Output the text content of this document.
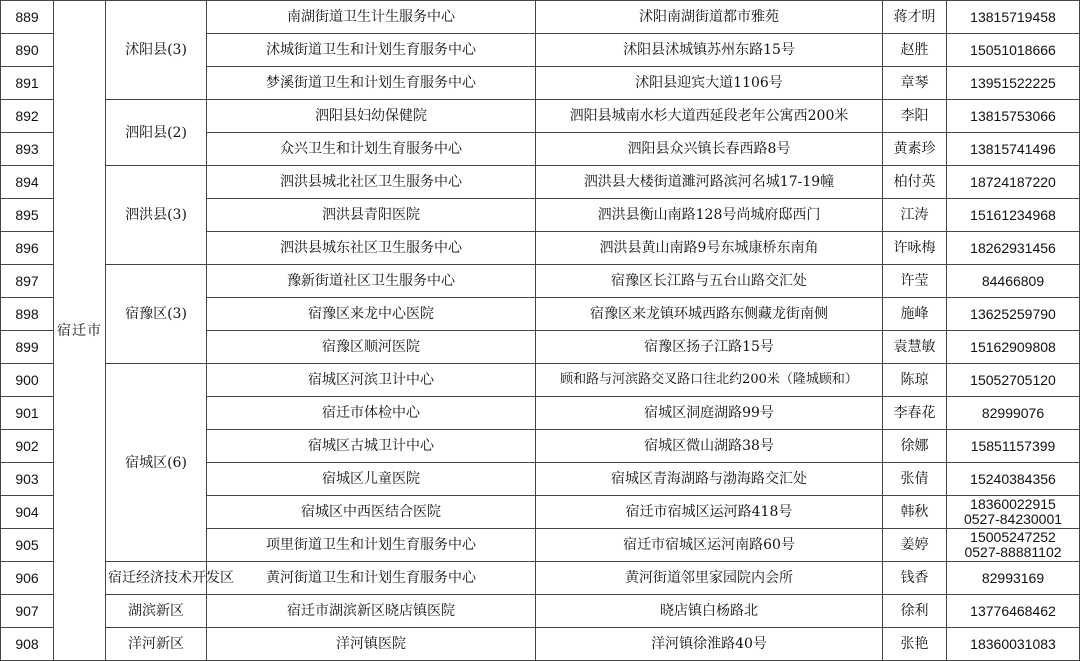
889	宿迁市	沭阳县(3)	南湖街道卫生计生服务中心	沭阳南湖街道都市雅苑	蒋才明	13815719458
890			沭城街道卫生和计划生育服务中心	沭阳县沭城镇苏州东路15号	赵胜	15051018666
891			梦溪街道卫生和计划生育服务中心	沭阳县迎宾大道1106号	章琴	13951522225
892		泗阳县(2)	泗阳县妇幼保健院	泗阳县城南水杉大道西延段老年公寓西200米	李阳	13815753066
893			众兴卫生和计划生育服务中心	泗阳县众兴镇长春西路8号	黄素珍	13815741496
894		泗洪县(3)	泗洪县城北社区卫生服务中心	泗洪县大楼街道濉河路滨河名城17-19幢	柏付英	18724187220
895			泗洪县青阳医院	泗洪县衡山南路128号尚城府邸西门	江涛	15161234968
896			泗洪县城东社区卫生服务中心	泗洪县黄山南路9号东城康桥东南角	许咏梅	18262931456
897		宿豫区(3)	豫新街道社区卫生服务中心	宿豫区长江路与五台山路交汇处	许莹	84466809
898			宿豫区来龙中心医院	宿豫区来龙镇环城西路东侧藏龙街南侧	施峰	13625259790
899			宿豫区顺河医院	宿豫区扬子江路15号	袁慧敏	15162909808
900		宿城区(6)	宿城区河滨卫计中心	顾和路与河滨路交叉路口往北约200米（隆城顾和）	陈琼	15052705120
901			宿迁市体检中心	宿城区洞庭湖路99号	李春花	82999076
902			宿城区古城卫计中心	宿城区微山湖路38号	徐娜	15851157399
903			宿城区儿童医院	宿城区青海湖路与渤海路交汇处	张倩	15240384356
904			宿城区中西医结合医院	宿迁市宿城区运河路418号	韩秋	18360022915
0527-84230001

905			项里街道卫生和计划生育服务中心	宿迁市宿城区运河南路60号	姜婷	15005247252
0527-88881102

906		宿迁经济技术开发区	黄河街道卫生和计划生育服务中心	黄河街道邻里家园院内会所	钱香	82993169
907		湖滨新区	宿迁市湖滨新区晓店镇医院	晓店镇白杨路北	徐利	13776468462
908		洋河新区	洋河镇医院	洋河镇徐淮路40号	张艳	18360031083
